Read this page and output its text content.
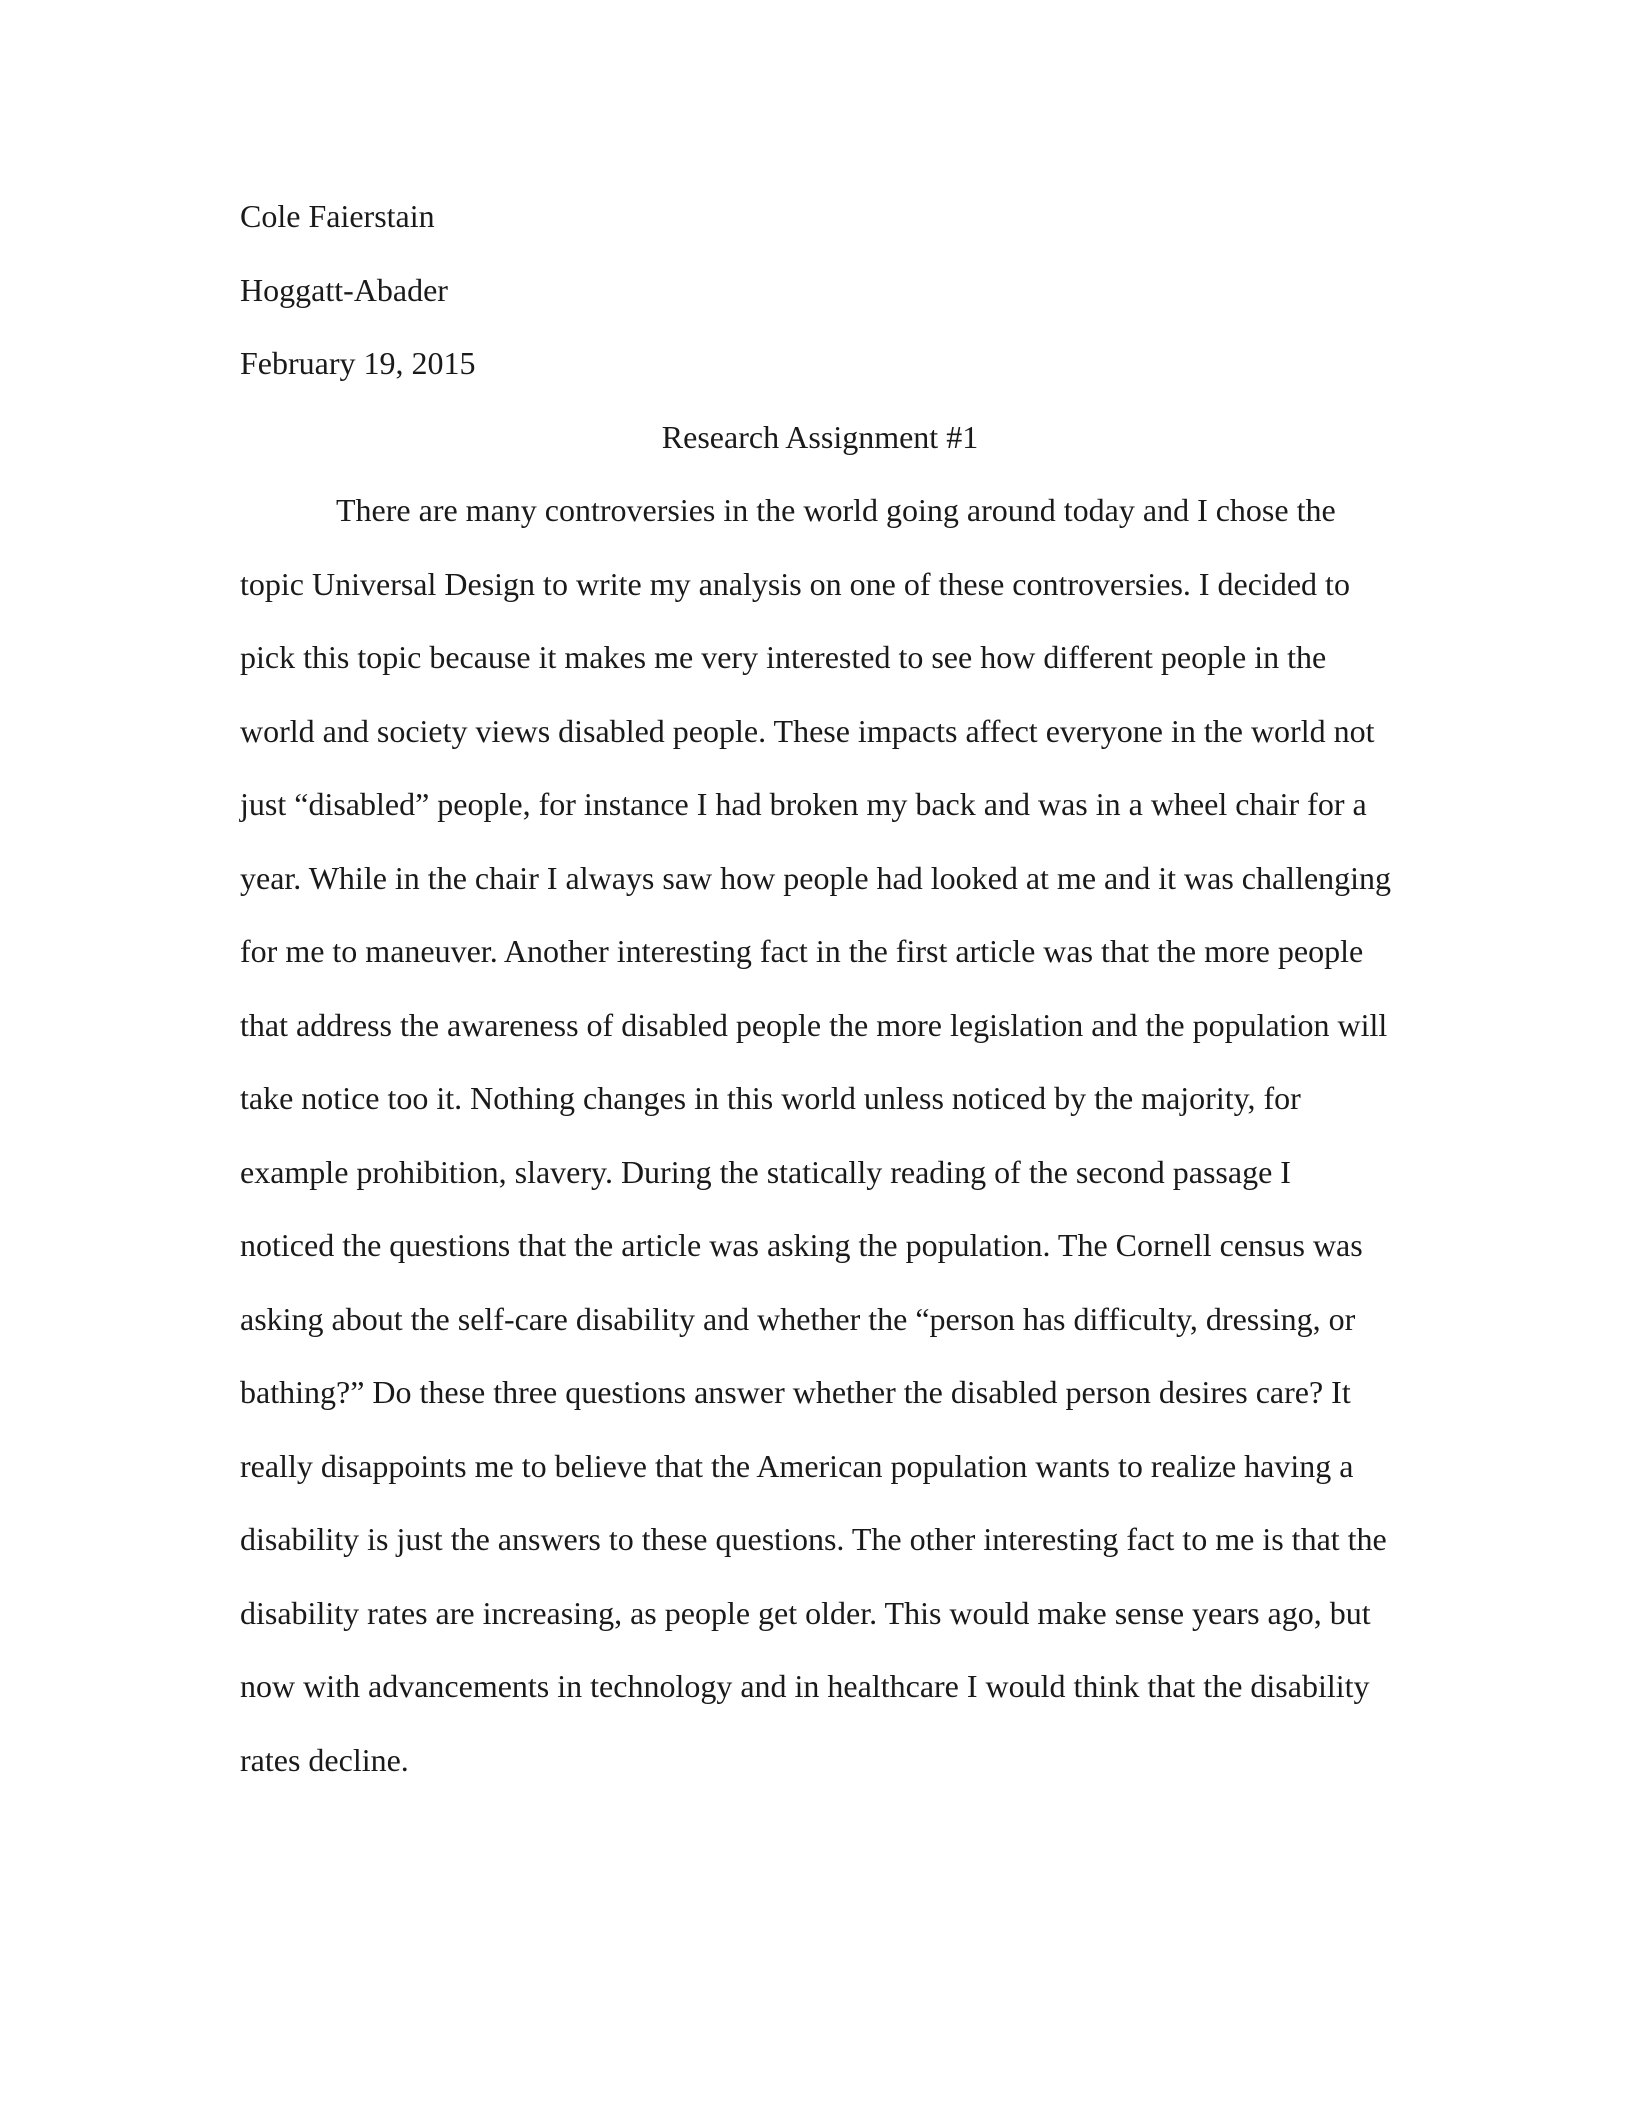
Cole Faierstain
Hoggatt-Abader
February 19, 2015
Research Assignment #1
There are many controversies in the world going around today and I chose the
topic Universal Design to write my analysis on one of these controversies. I decided to
pick this topic because it makes me very interested to see how different people in the
world and society views disabled people. These impacts affect everyone in the world not
just “disabled” people, for instance I had broken my back and was in a wheel chair for a
year. While in the chair I always saw how people had looked at me and it was challenging
for me to maneuver. Another interesting fact in the first article was that the more people
that address the awareness of disabled people the more legislation and the population will
take notice too it. Nothing changes in this world unless noticed by the majority, for
example prohibition, slavery. During the statically reading of the second passage I
noticed the questions that the article was asking the population. The Cornell census was
asking about the self-care disability and whether the “person has difficulty, dressing, or
bathing?” Do these three questions answer whether the disabled person desires care? It
really disappoints me to believe that the American population wants to realize having a
disability is just the answers to these questions. The other interesting fact to me is that the
disability rates are increasing, as people get older. This would make sense years ago, but
now with advancements in technology and in healthcare I would think that the disability
rates decline.
